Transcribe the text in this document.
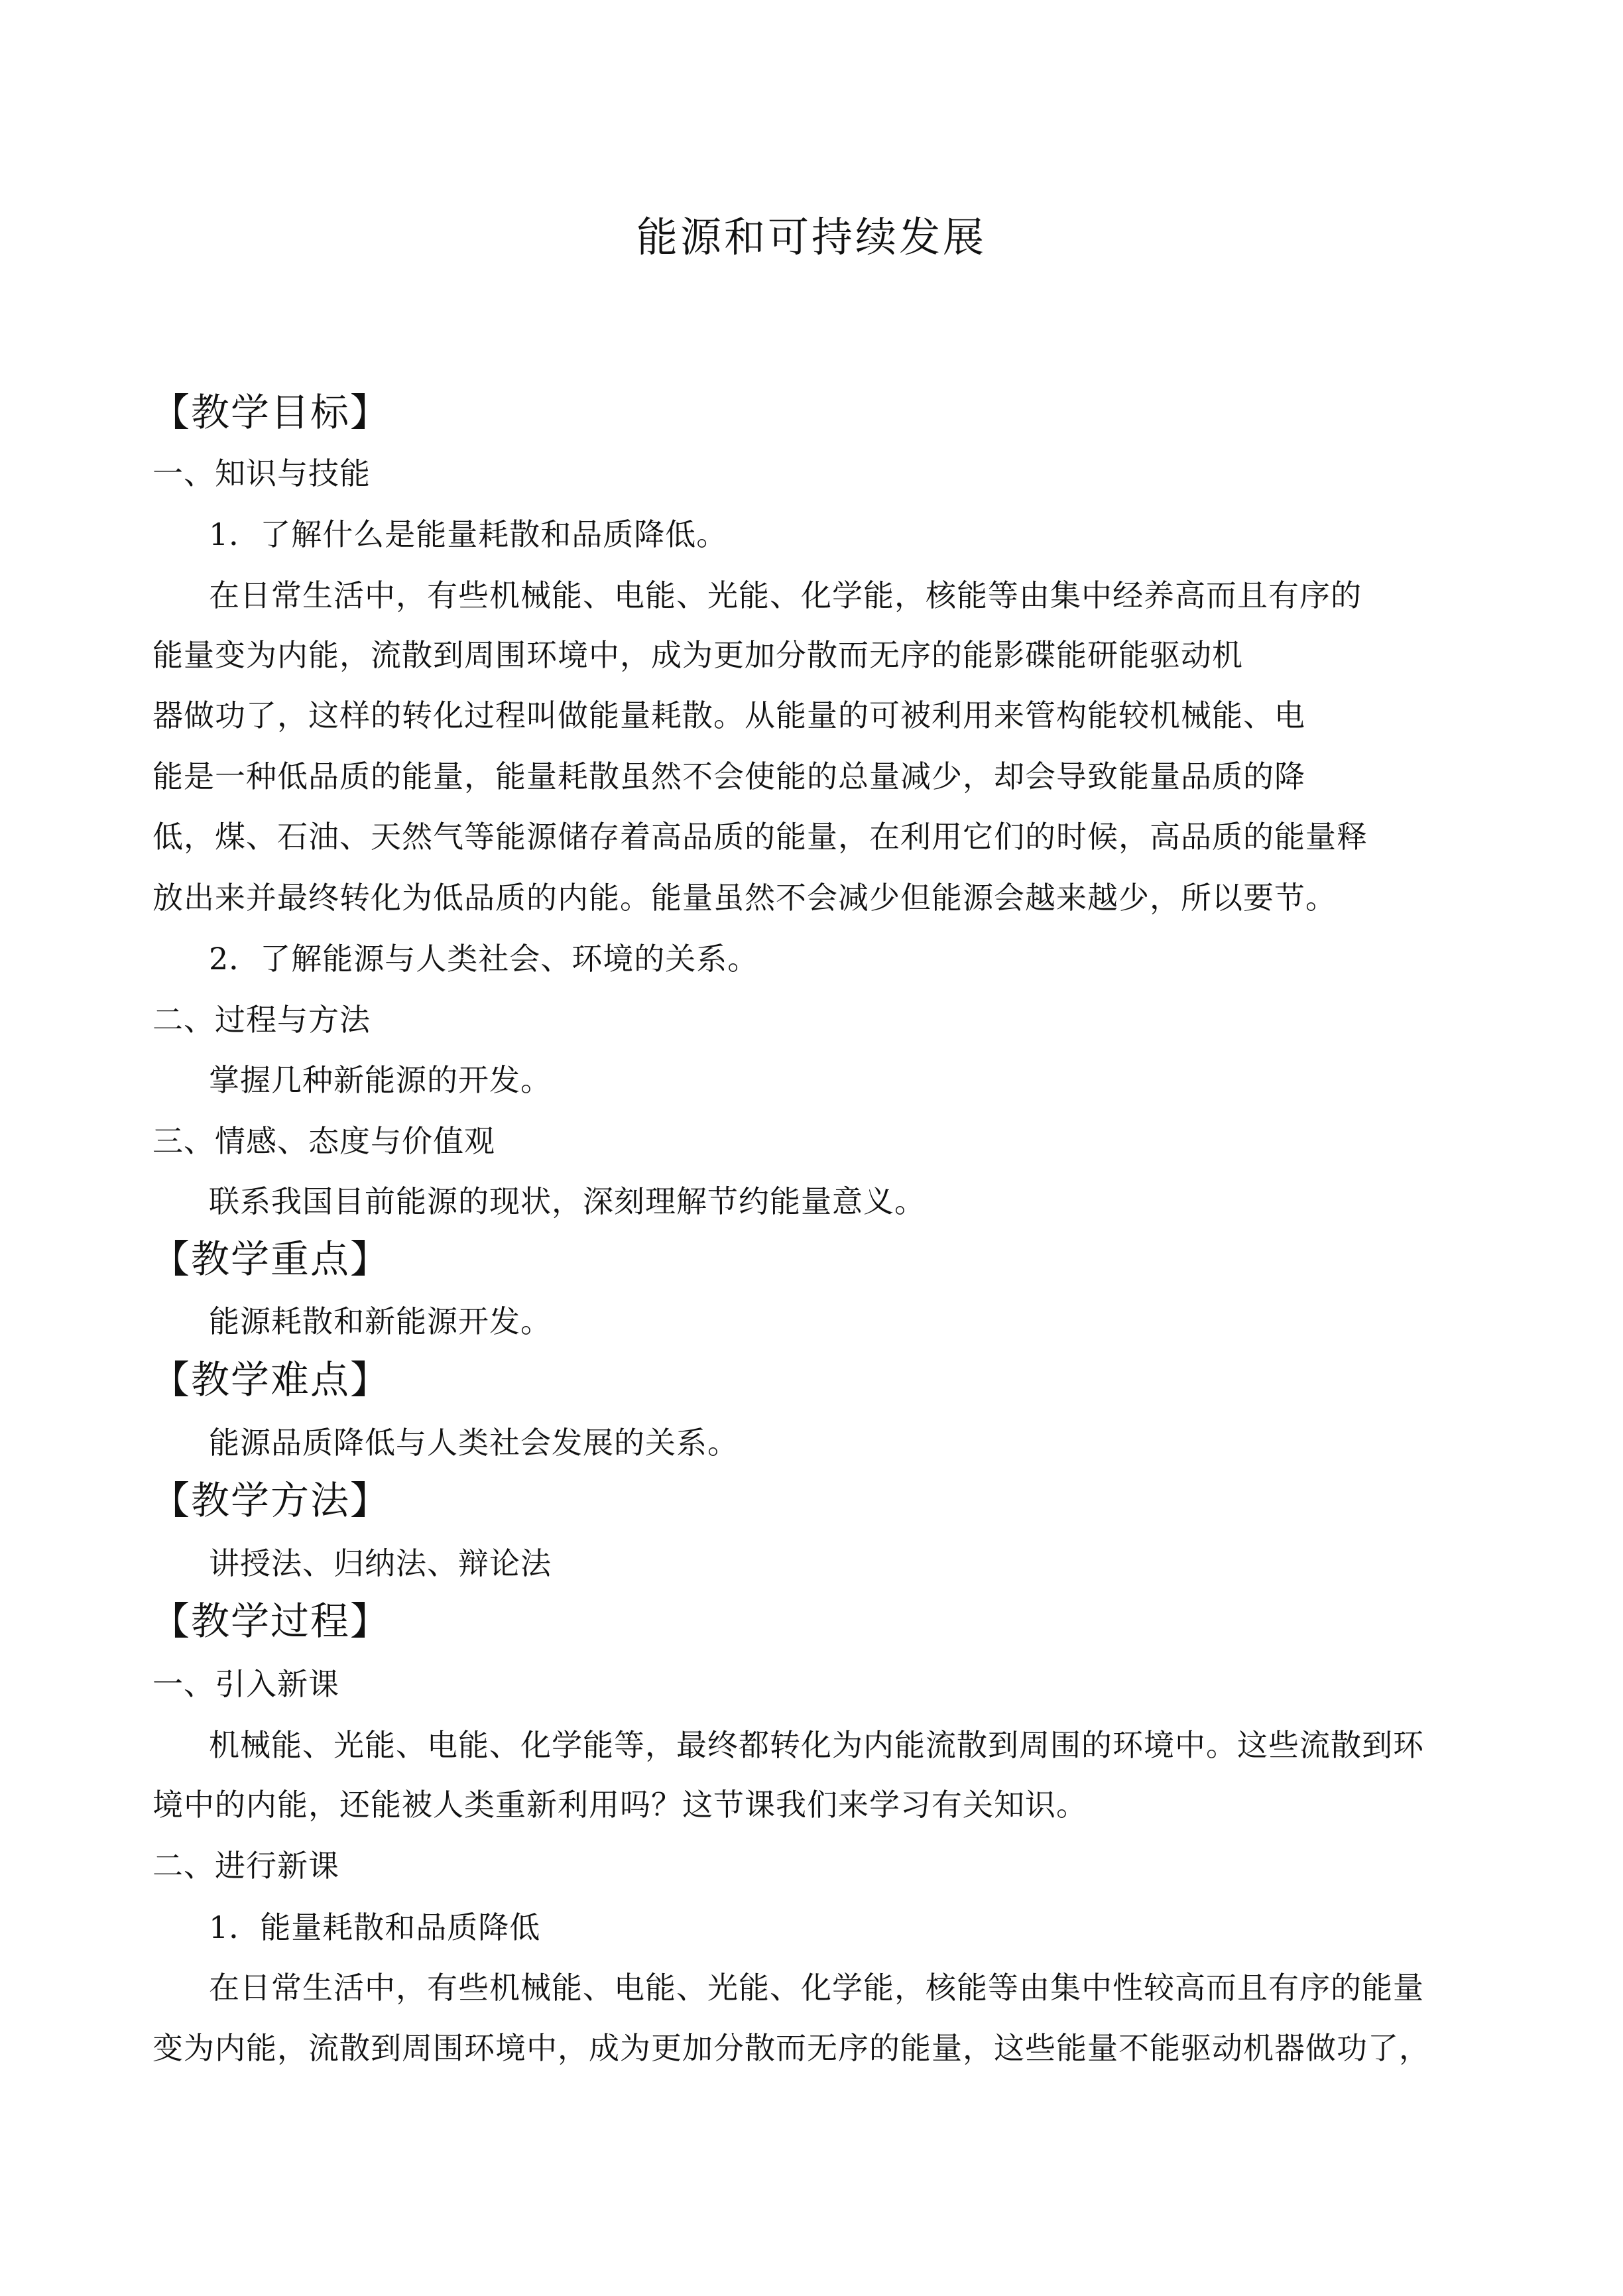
能源和可持续发展
【教学目标】
一、知识与技能
1．了解什么是能量耗散和品质降低。
在日常生活中，有些机械能、电能、光能、化学能，核能等由集中经养高而且有序的
能量变为内能，流散到周围环境中，成为更加分散而无序的能影碟能研能驱动机
器做功了，这样的转化过程叫做能量耗散。从能量的可被利用来管构能较机械能、电
能是一种低品质的能量，能量耗散虽然不会使能的总量减少，却会导致能量品质的降
低，煤、石油、天然气等能源储存着高品质的能量，在利用它们的时候，高品质的能量释
放出来并最终转化为低品质的内能。能量虽然不会减少但能源会越来越少，所以要节。
2．了解能源与人类社会、环境的关系。
二、过程与方法
掌握几种新能源的开发。
三、情感、态度与价值观
联系我国目前能源的现状，深刻理解节约能量意义。
【教学重点】
能源耗散和新能源开发。
【教学难点】
能源品质降低与人类社会发展的关系。
【教学方法】
讲授法、归纳法、辩论法
【教学过程】
一、引入新课
机械能、光能、电能、化学能等，最终都转化为内能流散到周围的环境中。这些流散到环
境中的内能，还能被人类重新利用吗？这节课我们来学习有关知识。
二、进行新课
1．能量耗散和品质降低
在日常生活中，有些机械能、电能、光能、化学能，核能等由集中性较高而且有序的能量
变为内能，流散到周围环境中，成为更加分散而无序的能量，这些能量不能驱动机器做功了，
